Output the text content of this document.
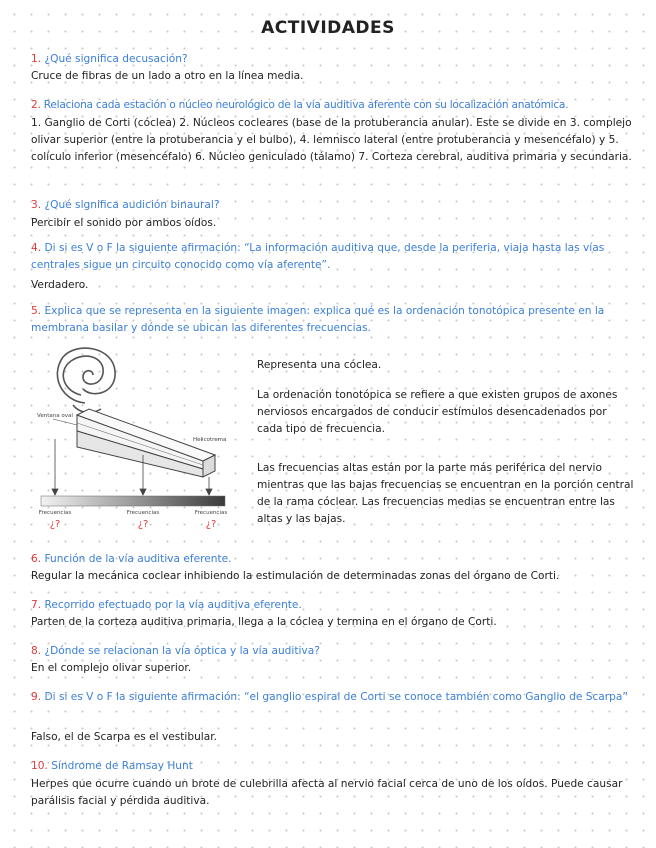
ACTIVIDADES
1. ¿Qué significa decusación?
Cruce de fibras de un lado a otro en la línea media.
2. Relaciona cada estación o núcleo neurológico de la vía auditiva aferente con su localización anatómica.
1. Ganglio de Corti (cóclea) 2. Núcleos cocleares (base de la protuberancia anular). Este se divide en 3. complejo olivar superior (entre la protuberancia y el bulbo), 4. lemnisco lateral (entre protuberancia y mesencéfalo) y 5. colículo inferior (mesencéfalo) 6. Núcleo geniculado (tálamo) 7. Corteza cerebral, auditiva primaria y secundaria.
3. ¿Qué significa audición binaural?
Percibir el sonido por ambos oídos.
4. Di si es V o F la siguiente afirmación: “La información auditiva que, desde la periferia, viaja hasta las vías centrales sigue un circuito conocido como vía aferente”.
Verdadero.
5. Explica que se representa en la siguiente imagen: explica qué es la ordenación tonotópica presente en la membrana basilar y dónde se ubican las diferentes frecuencias.
Ventana oval
Helicotrema
Frecuencias	Frecuencias	Frecuencias
¿?	¿?	¿?

Representa una cóclea.

La ordenación tonotópica se refiere a que existen grupos de axones nerviosos encargados de conducir estímulos desencadenados por cada tipo de frecuencia.

Las frecuencias altas están por la parte más periférica del nervio mientras que las bajas frecuencias se encuentran en la porción central de la rama cóclear. Las frecuencias medias se encuentran entre las altas y las bajas.

6. Función de la vía auditiva eferente.
Regular la mecánica coclear inhibiendo la estimulación de determinadas zonas del órgano de Corti.
7. Recorrido efectuado por la vía auditiva eferente.
Parten de la corteza auditiva primaria, llega a la cóclea y termina en el órgano de Corti.
8. ¿Dónde se relacionan la vía óptica y la vía auditiva?
En el complejo olivar superior.
9. Di si es V o F la siguiente afirmación: “el ganglio espiral de Corti se conoce también como Ganglio de Scarpa”
Falso, el de Scarpa es el vestibular.
10. Síndrome de Ramsay Hunt
Herpes que ocurre cuando un brote de culebrilla afecta al nervio facial cerca de uno de los oídos. Puede causar parálisis facial y pérdida auditiva.
